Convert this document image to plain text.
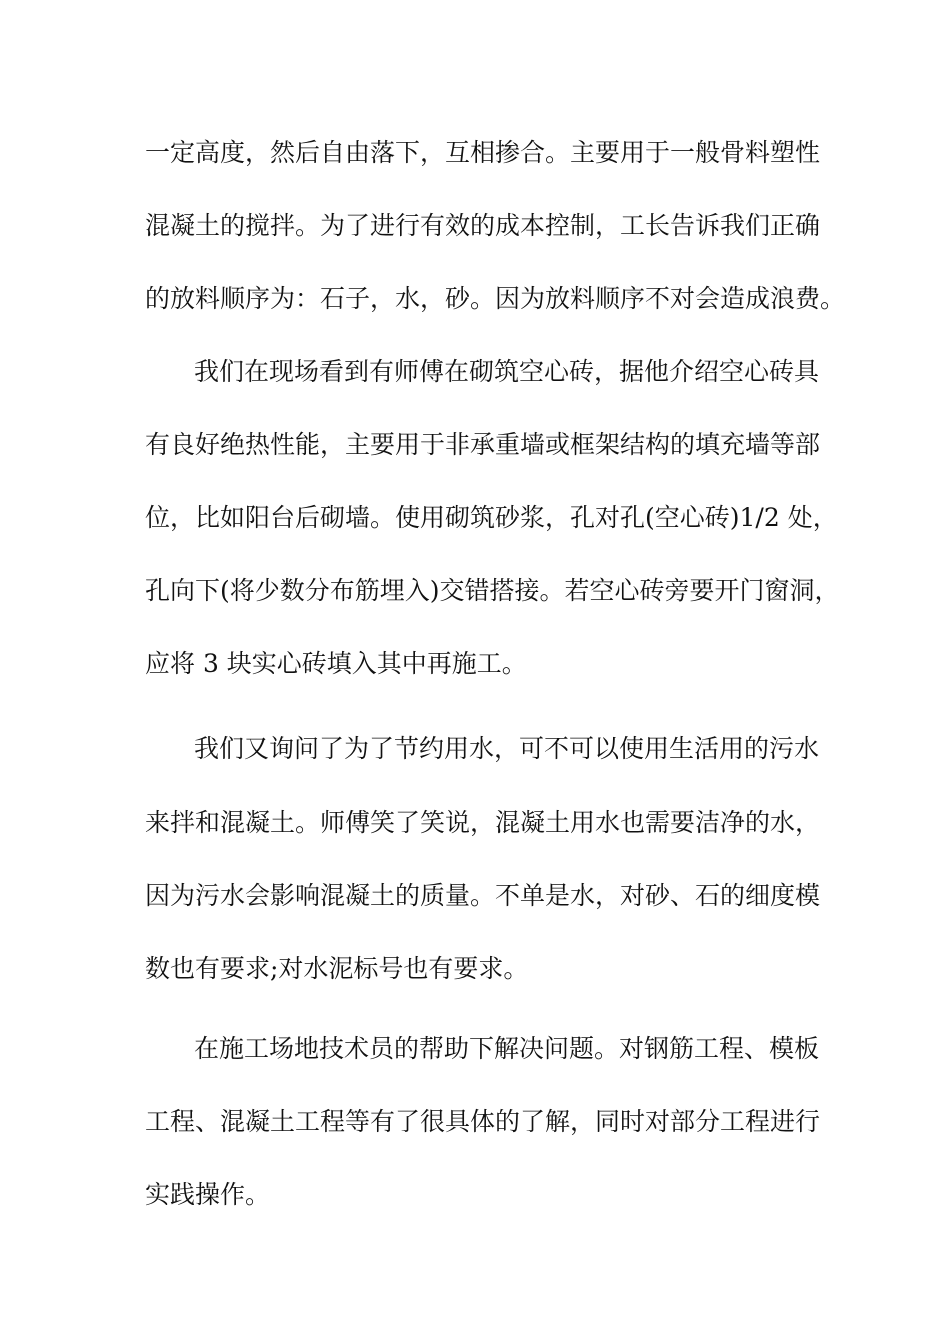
一定高度，然后自由落下，互相掺合。主要用于一般骨料塑性
混凝土的搅拌。为了进行有效的成本控制，工长告诉我们正确
的放料顺序为：石子，水，砂。因为放料顺序不对会造成浪费。
我们在现场看到有师傅在砌筑空心砖，据他介绍空心砖具
有良好绝热性能，主要用于非承重墙或框架结构的填充墙等部
位，比如阳台后砌墙。使用砌筑砂浆，孔对孔(空心砖)1/2 处，
孔向下(将少数分布筋埋入)交错搭接。若空心砖旁要开门窗洞，
应将 3 块实心砖填入其中再施工。
我们又询问了为了节约用水，可不可以使用生活用的污水
来拌和混凝土。师傅笑了笑说，混凝土用水也需要洁净的水，
因为污水会影响混凝土的质量。不单是水，对砂、石的细度模
数也有要求;对水泥标号也有要求。
在施工场地技术员的帮助下解决问题。对钢筋工程、模板
工程、混凝土工程等有了很具体的了解，同时对部分工程进行
实践操作。
